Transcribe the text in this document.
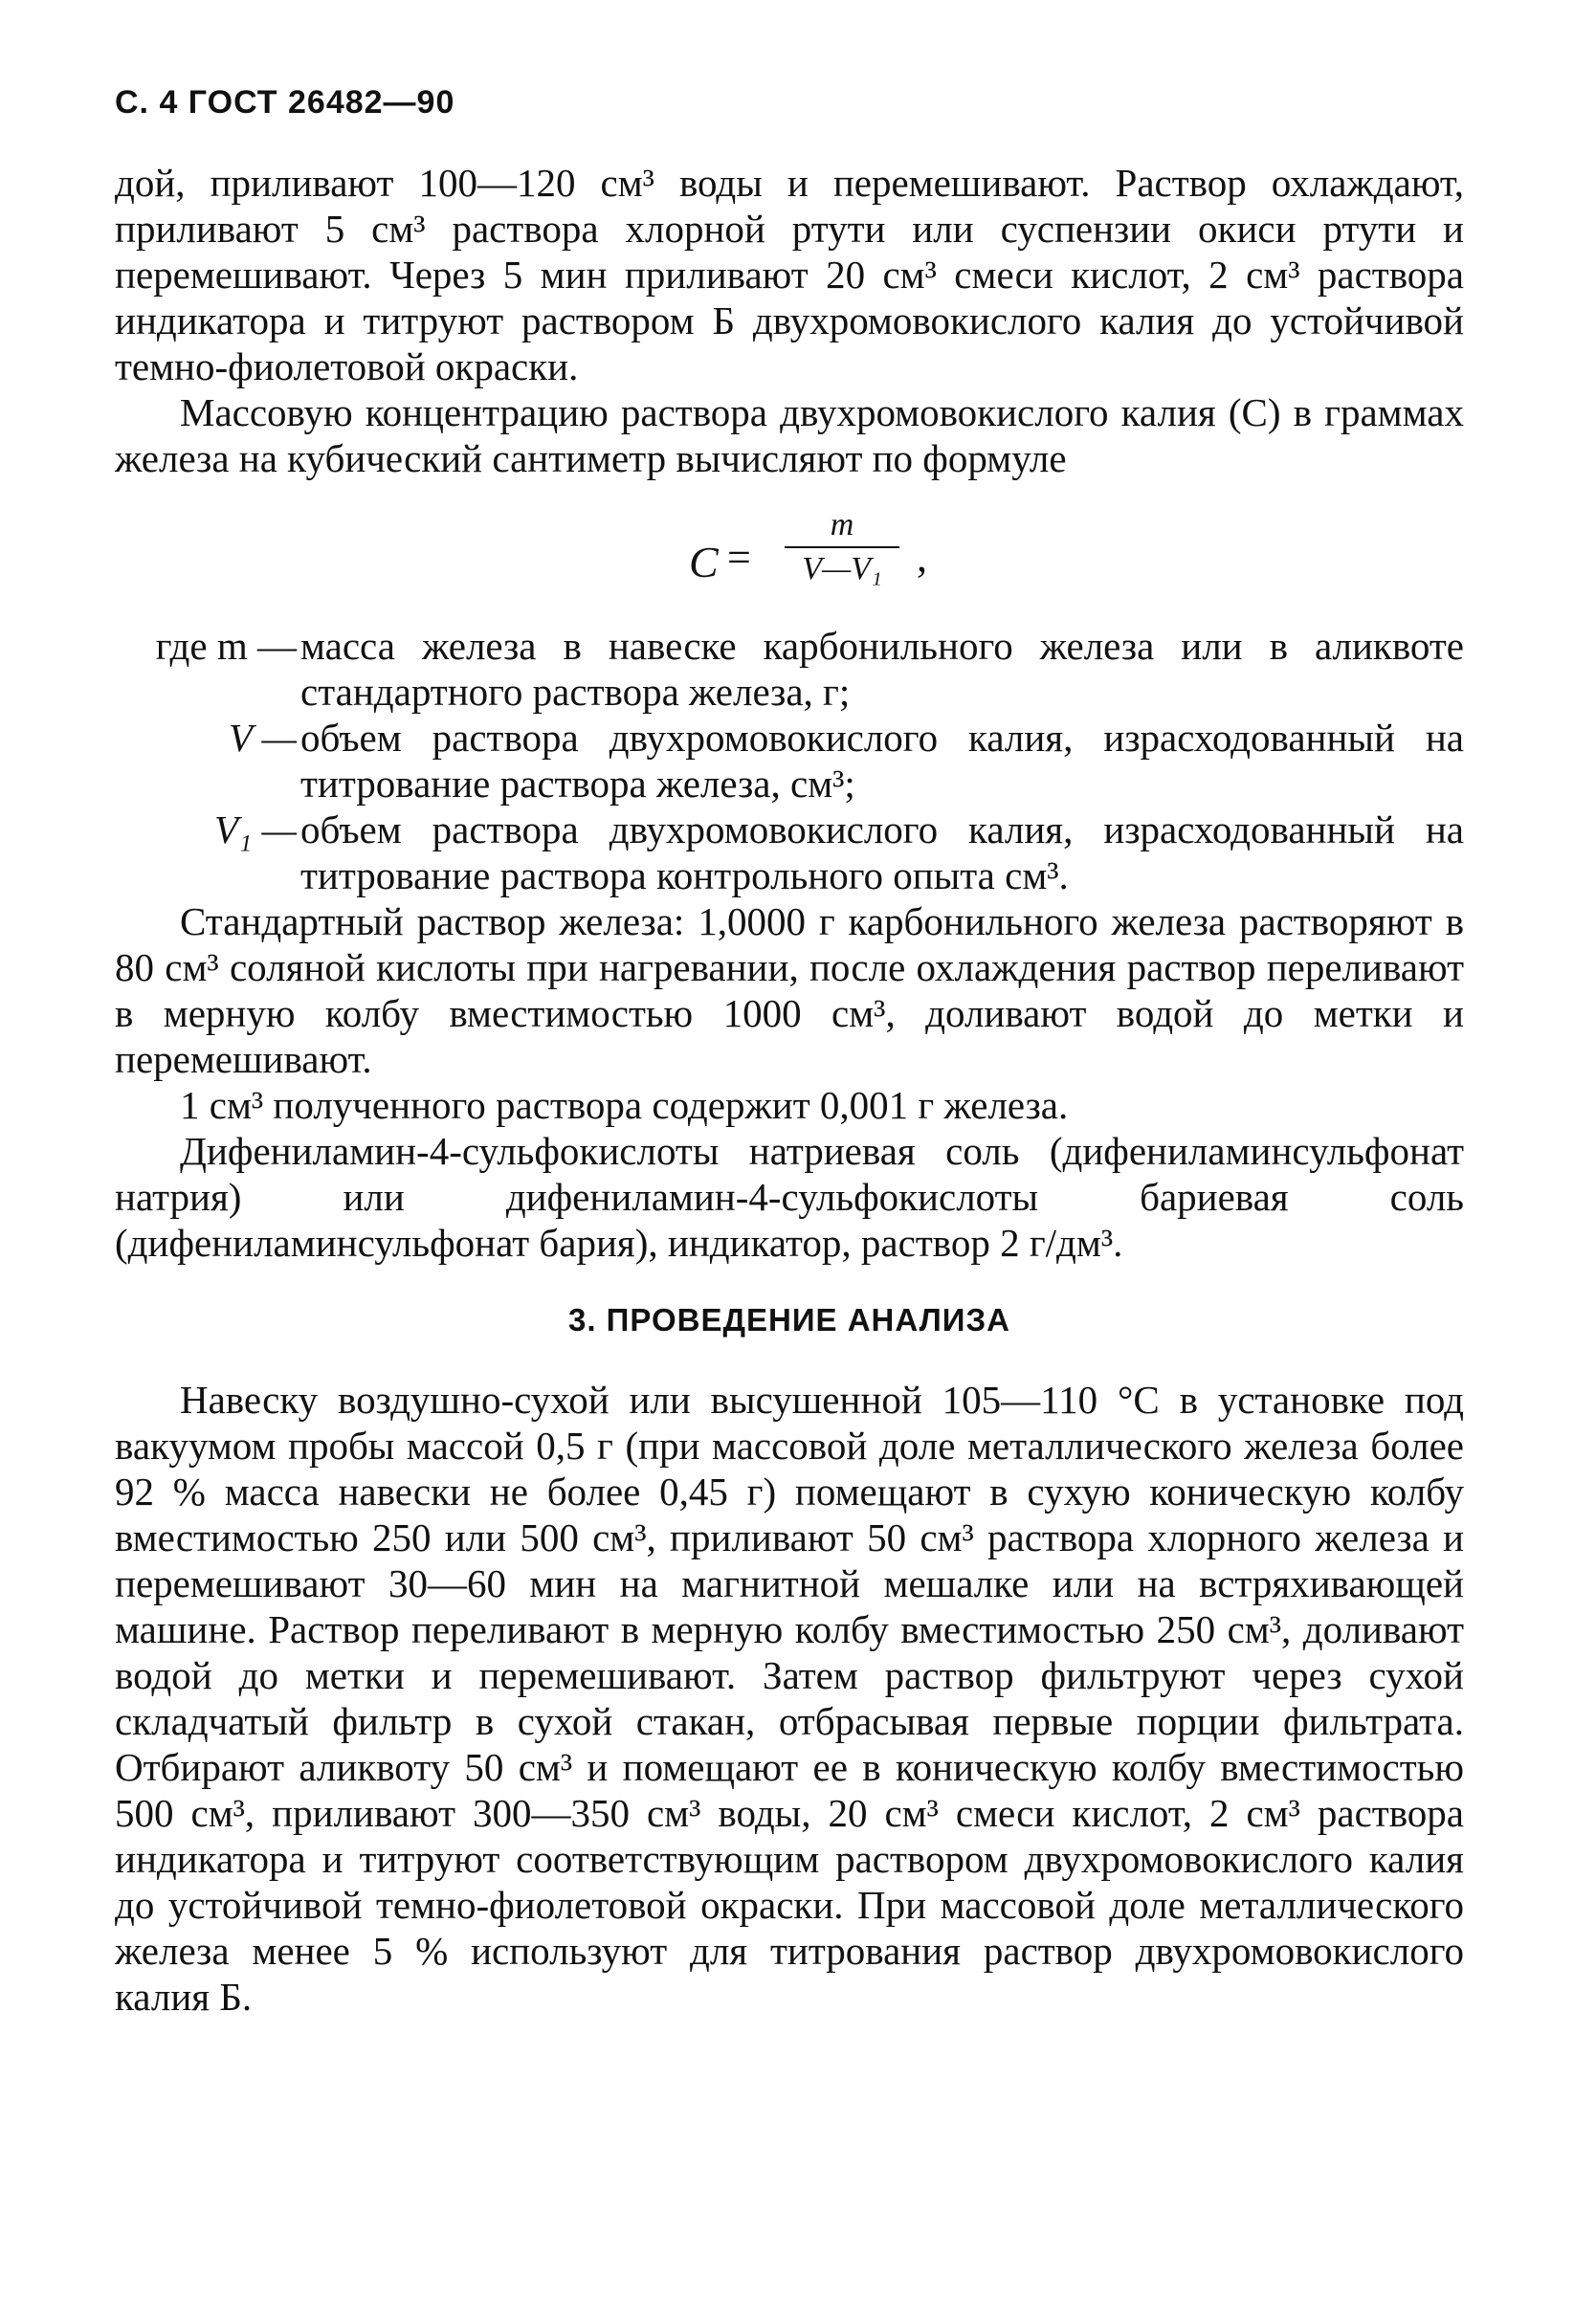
С. 4 ГОСТ 26482—90

дой, приливают 100—120 см³ воды и перемешивают. Раствор охлаждают, приливают 5 см³ раствора хлорной ртути или суспензии окиси ртути и перемешивают. Через 5 мин приливают 20 см³ смеси кислот, 2 см³ раствора индикатора и титруют раствором Б двухромовокислого калия до устойчивой темно-фиолетовой окраски.

Массовую концентрацию раствора двухромовокислого калия (С) в граммах железа на кубический сантиметр вычисляют по формуле

C =
m
V—V₁ ,
где m — масса железа в навеске карбонильного железа или в аликвоте стандартного раствора железа, г;
V — объем раствора двухромовокислого калия, израсходованный на титрование раствора железа, см³;
V₁ — объем раствора двухромовокислого калия, израсходованный на титрование раствора контрольного опыта см³.

Стандартный раствор железа: 1,0000 г карбонильного железа растворяют в 80 см³ соляной кислоты при нагревании, после охлаждения раствор переливают в мерную колбу вместимостью 1000 см³, доливают водой до метки и перемешивают.

1 см³ полученного раствора содержит 0,001 г железа.

Дифениламин-4-сульфокислоты натриевая соль (дифениламинсульфонат натрия) или дифениламин-4-сульфокислоты бариевая соль (дифениламинсульфонат бария), индикатор, раствор 2 г/дм³.

3. ПРОВЕДЕНИЕ АНАЛИЗА

Навеску воздушно-сухой или высушенной 105—110 °С в установке под вакуумом пробы массой 0,5 г (при массовой доле металлического железа более 92 % масса навески не более 0,45 г) помещают в сухую коническую колбу вместимостью 250 или 500 см³, приливают 50 см³ раствора хлорного железа и перемешивают 30—60 мин на магнитной мешалке или на встряхивающей машине. Раствор переливают в мерную колбу вместимостью 250 см³, доливают водой до метки и перемешивают. Затем раствор фильтруют через сухой складчатый фильтр в сухой стакан, отбрасывая первые порции фильтрата. Отбирают аликвоту 50 см³ и помещают ее в коническую колбу вместимостью 500 см³, приливают 300—350 см³ воды, 20 см³ смеси кислот, 2 см³ раствора индикатора и титруют соответствующим раствором двухромовокислого калия до устойчивой темно-фиолетовой окраски. При массовой доле металлического железа менее 5 % используют для титрования раствор двухромовокислого калия Б.
